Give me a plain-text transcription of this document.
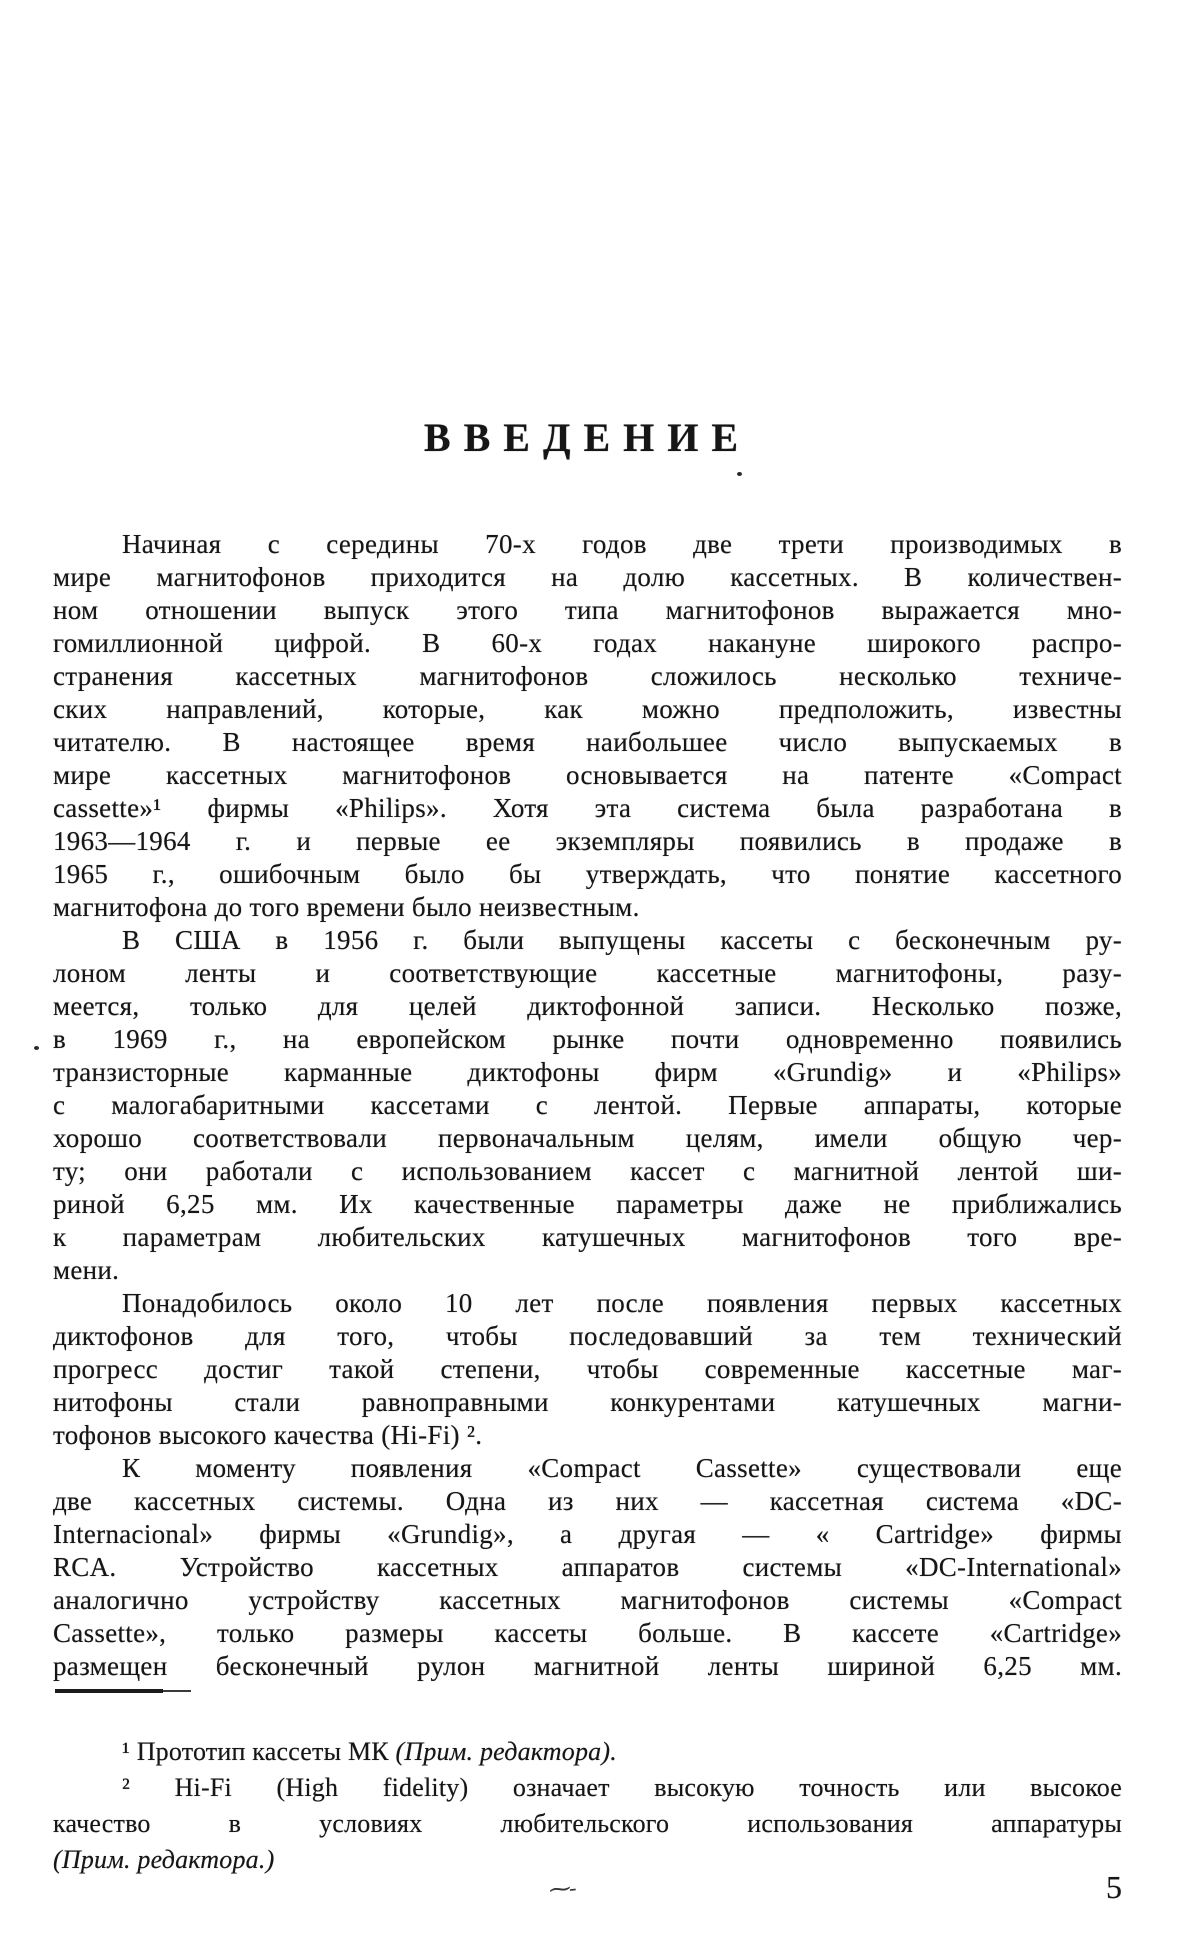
ВВЕДЕНИЕ
Начиная с середины 70-х годов две трети производимых в
мире магнитофонов приходится на долю кассетных. В количествен-
ном отношении выпуск этого типа магнитофонов выражается мно-
гомиллионной цифрой. В 60-х годах накануне широкого распро-
странения кассетных магнитофонов сложилось несколько техниче-
ских направлений, которые, как можно предположить, известны
читателю. В настоящее время наибольшее число выпускаемых в
мире кассетных магнитофонов основывается на патенте «Compact
cassette»¹ фирмы «Philips». Хотя эта система была разработана в
1963—1964 г. и первые ее экземпляры появились в продаже в
1965 г., ошибочным было бы утверждать, что понятие кассетного
магнитофона до того времени было неизвестным.
В США в 1956 г. были выпущены кассеты с бесконечным ру-
лоном ленты и соответствующие кассетные магнитофоны, разу-
меется, только для целей диктофонной записи. Несколько позже,
в 1969 г., на европейском рынке почти одновременно появились
транзисторные карманные диктофоны фирм «Grundig» и «Philips»
с малогабаритными кассетами с лентой. Первые аппараты, которые
хорошо соответствовали первоначальным целям, имели общую чер-
ту; они работали с использованием кассет с магнитной лентой ши-
риной 6,25 мм. Их качественные параметры даже не приближались
к параметрам любительских катушечных магнитофонов того вре-
мени.
Понадобилось около 10 лет после появления первых кассетных
диктофонов для того, чтобы последовавший за тем технический
прогресс достиг такой степени, чтобы современные кассетные маг-
нитофоны стали равноправными конкурентами катушечных магни-
тофонов высокого качества (Hi-Fi) ².
К моменту появления «Compact Cassette» существовали еще
две кассетных системы. Одна из них — кассетная система «DC-
Internacional» фирмы «Grundig», а другая — « Cartridge» фирмы
RCA. Устройство кассетных аппаратов системы «DC-International»
аналогично устройству кассетных магнитофонов системы «Compact
Cassette», только размеры кассеты больше. В кассете «Cartridge»
размещен бесконечный рулон магнитной ленты шириной 6,25 мм.
¹ Прототип кассеты МК (Прим. редактора).
² Hi-Fi (High fidelity) означает высокую точность или высокое
качество в условиях любительского использования аппаратуры
(Прим. редактора.)
⁓‐	5
